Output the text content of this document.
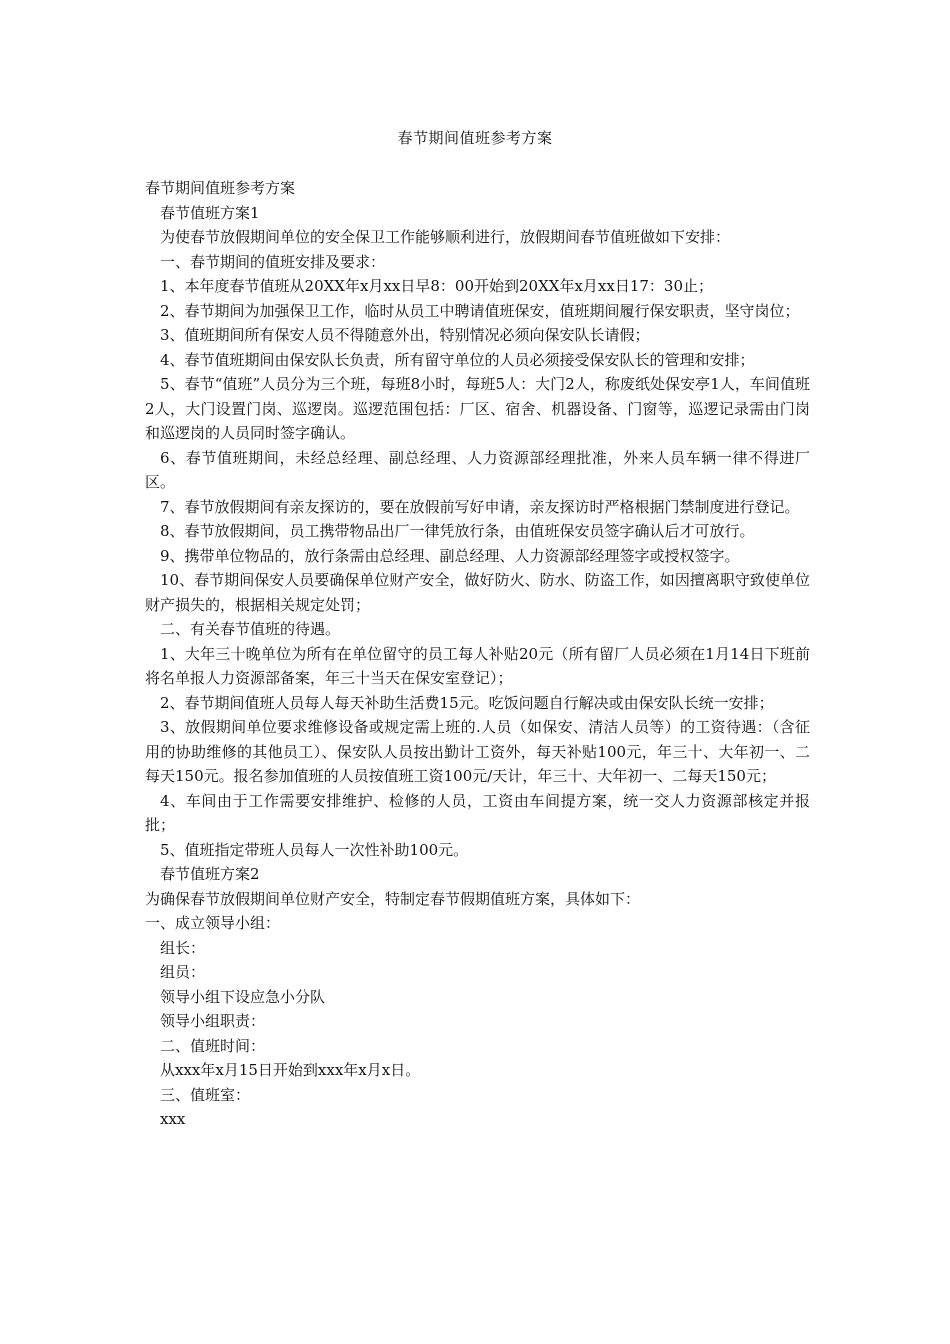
春节期间值班参考方案

春节期间值班参考方案

春节值班方案1

为使春节放假期间单位的安全保卫工作能够顺利进行，放假期间春节值班做如下安排：

一、春节期间的值班安排及要求：

1、本年度春节值班从20XX年x月xx日早8：00开始到20XX年x月xx日17：30止；

2、春节期间为加强保卫工作，临时从员工中聘请值班保安，值班期间履行保安职责，坚守岗位；

3、值班期间所有保安人员不得随意外出，特别情况必须向保安队长请假；

4、春节值班期间由保安队长负责，所有留守单位的人员必须接受保安队长的管理和安排；

5、春节“值班”人员分为三个班，每班8小时，每班5人：大门2人，称废纸处保安亭1人，车间值班2人，大门设置门岗、巡逻岗。巡逻范围包括：厂区、宿舍、机器设备、门窗等，巡逻记录需由门岗和巡逻岗的人员同时签字确认。

6、春节值班期间，未经总经理、副总经理、人力资源部经理批准，外来人员车辆一律不得进厂区。

7、春节放假期间有亲友探访的，要在放假前写好申请，亲友探访时严格根据门禁制度进行登记。

8、春节放假期间，员工携带物品出厂一律凭放行条，由值班保安员签字确认后才可放行。

9、携带单位物品的，放行条需由总经理、副总经理、人力资源部经理签字或授权签字。

10、春节期间保安人员要确保单位财产安全，做好防火、防水、防盗工作，如因擅离职守致使单位财产损失的，根据相关规定处罚；

二、有关春节值班的待遇。

1、大年三十晚单位为所有在单位留守的员工每人补贴20元（所有留厂人员必须在1月14日下班前将名单报人力资源部备案，年三十当天在保安室登记）；

2、春节期间值班人员每人每天补助生活费15元。吃饭问题自行解决或由保安队长统一安排；

3、放假期间单位要求维修设备或规定需上班的.人员（如保安、清洁人员等）的工资待遇：（含征用的协助维修的其他员工）、保安队人员按出勤计工资外，每天补贴100元，年三十、大年初一、二每天150元。报名参加值班的人员按值班工资100元/天计，年三十、大年初一、二每天150元；

4、车间由于工作需要安排维护、检修的人员，工资由车间提方案，统一交人力资源部核定并报批；

5、值班指定带班人员每人一次性补助100元。

春节值班方案2

为确保春节放假期间单位财产安全，特制定春节假期值班方案，具体如下：

一、成立领导小组：

组长：

组员：

领导小组下设应急小分队

领导小组职责：

二、值班时间：

从xxx年x月15日开始到xxx年x月x日。

三、值班室：

xxx
